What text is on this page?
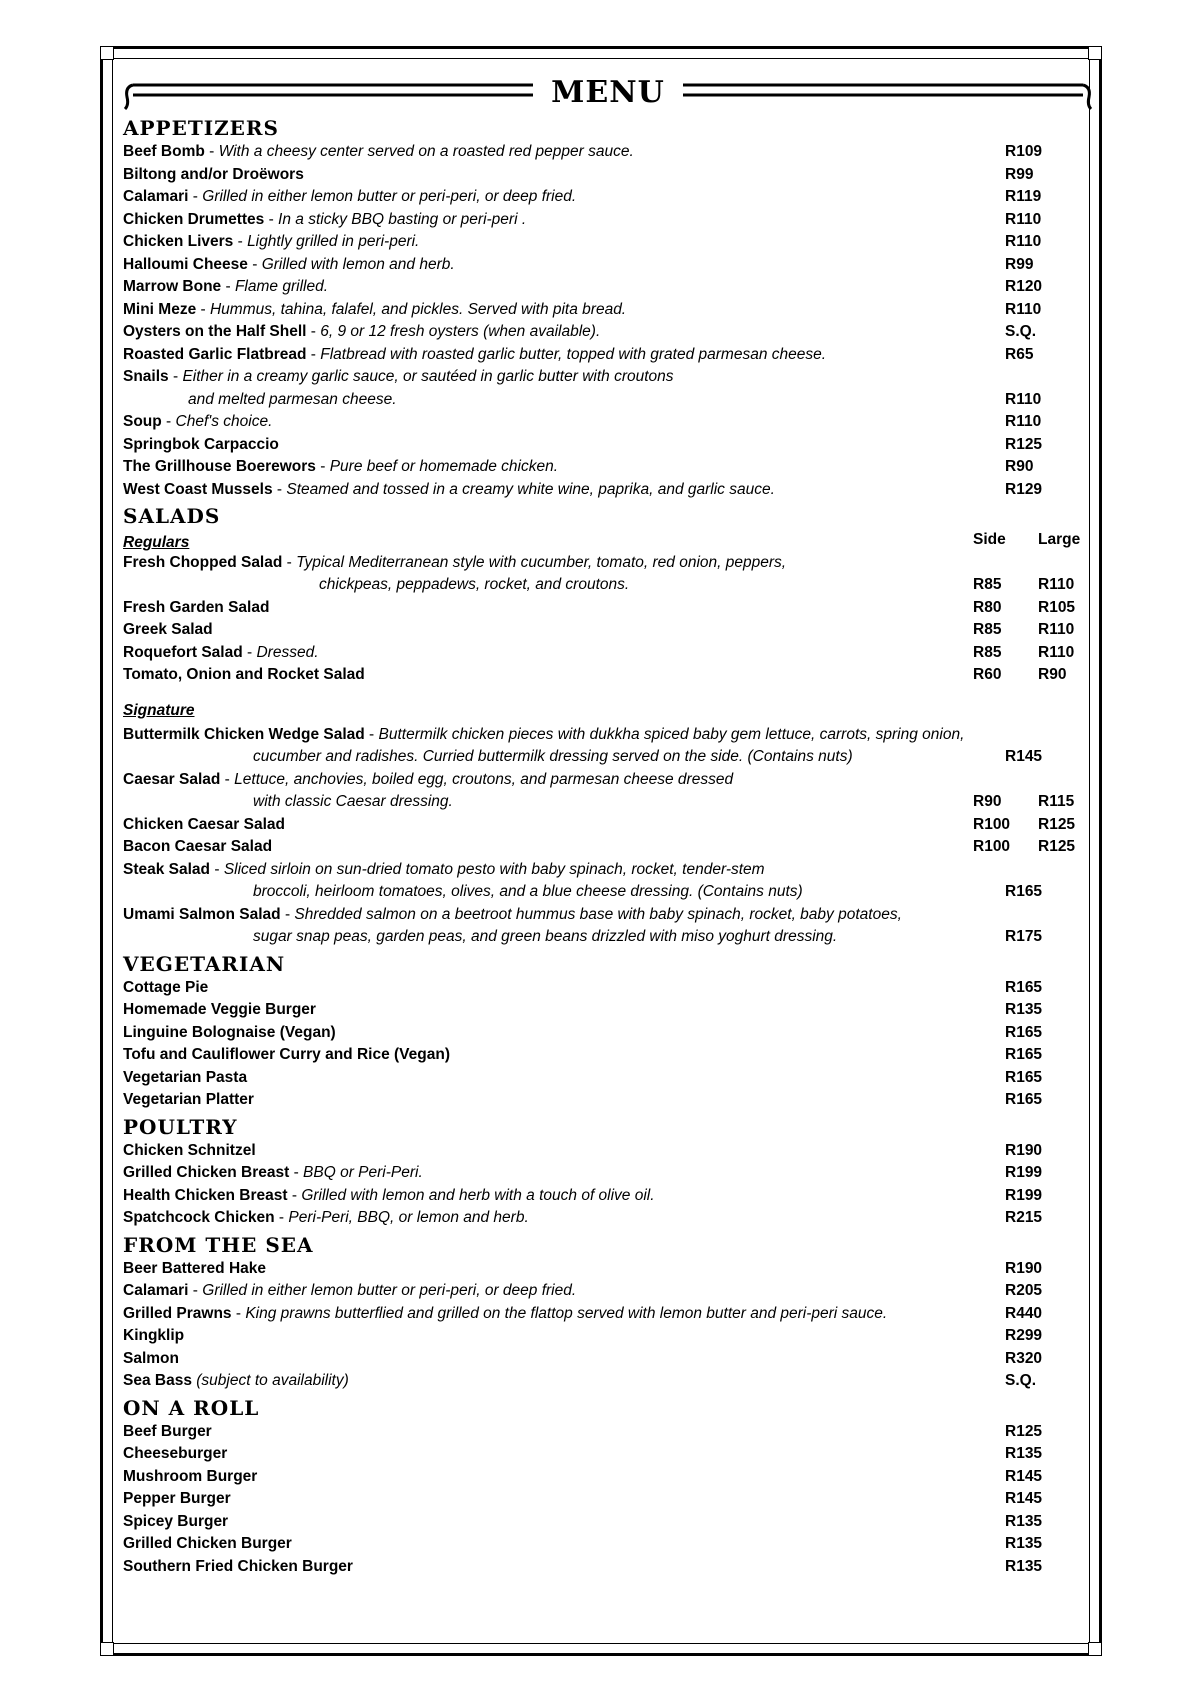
MENU
APPETIZERS
Beef Bomb - With a cheesy center served on a roasted red pepper sauce.	R109
Biltong and/or Droëwors	R99
Calamari - Grilled in either lemon butter or peri-peri, or deep fried.	R119
Chicken Drumettes - In a sticky BBQ basting or peri-peri .	R110
Chicken Livers - Lightly grilled in peri-peri.	R110
Halloumi Cheese - Grilled with lemon and herb.	R99
Marrow Bone - Flame grilled.	R120
Mini Meze - Hummus, tahina, falafel, and pickles. Served with pita bread.	R110
Oysters on the Half Shell - 6, 9 or 12 fresh oysters (when available).	S.Q.
Roasted Garlic Flatbread - Flatbread with roasted garlic butter, topped with grated parmesan cheese.	R65
Snails - Either in a creamy garlic sauce, or sautéed in garlic butter with croutons
and melted parmesan cheese.	R110
Soup - Chef's choice.	R110
Springbok Carpaccio	R125
The Grillhouse Boerewors - Pure beef or homemade chicken.	R90
West Coast Mussels - Steamed and tossed in a creamy white wine, paprika, and garlic sauce.	R129
SALADS
Regulars	Side Large
Fresh Chopped Salad - Typical Mediterranean style with cucumber, tomato, red onion, peppers,
chickpeas, peppadews, rocket, and croutons.	R85 R110
Fresh Garden Salad	R80 R105
Greek Salad	R85 R110
Roquefort Salad - Dressed.	R85 R110
Tomato, Onion and Rocket Salad	R60 R90
Signature
Buttermilk Chicken Wedge Salad - Buttermilk chicken pieces with dukkha spiced baby gem lettuce, carrots, spring onion,
cucumber and radishes. Curried buttermilk dressing served on the side. (Contains nuts)	R145
Caesar Salad - Lettuce, anchovies, boiled egg, croutons, and parmesan cheese dressed
with classic Caesar dressing.	R90 R115
Chicken Caesar Salad	R100 R125
Bacon Caesar Salad	R100 R125
Steak Salad - Sliced sirloin on sun-dried tomato pesto with baby spinach, rocket, tender-stem
broccoli, heirloom tomatoes, olives, and a blue cheese dressing. (Contains nuts)	R165
Umami Salmon Salad - Shredded salmon on a beetroot hummus base with baby spinach, rocket, baby potatoes,
sugar snap peas, garden peas, and green beans drizzled with miso yoghurt dressing.	R175
VEGETARIAN
Cottage Pie	R165
Homemade Veggie Burger	R135
Linguine Bolognaise (Vegan)	R165
Tofu and Cauliflower Curry and Rice (Vegan)	R165
Vegetarian Pasta	R165
Vegetarian Platter	R165
POULTRY
Chicken Schnitzel	R190
Grilled Chicken Breast - BBQ or Peri-Peri.	R199
Health Chicken Breast - Grilled with lemon and herb with a touch of olive oil.	R199
Spatchcock Chicken - Peri-Peri, BBQ, or lemon and herb.	R215
FROM THE SEA
Beer Battered Hake	R190
Calamari - Grilled in either lemon butter or peri-peri, or deep fried.	R205
Grilled Prawns - King prawns butterflied and grilled on the flattop served with lemon butter and peri-peri sauce.	R440
Kingklip	R299
Salmon	R320
Sea Bass (subject to availability)	S.Q.
ON A ROLL
Beef Burger	R125
Cheeseburger	R135
Mushroom Burger	R145
Pepper Burger	R145
Spicey Burger	R135
Grilled Chicken Burger	R135
Southern Fried Chicken Burger	R135
